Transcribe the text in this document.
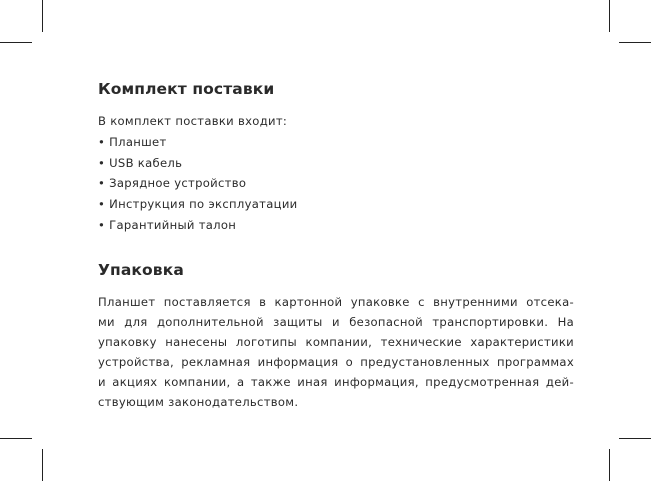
Комплект поставки
В комплект поставки входит:
• Планшет
• USB кабель
• Зарядное устройство
• Инструкция по эксплуатации
• Гарантийный талон
Упаковка
Планшет поставляется в картонной упаковке с внутренними отсека-
ми для дополнительной защиты и безопасной транспортировки. На
упаковку нанесены логотипы компании, технические характеристики
устройства, рекламная информация о предустановленных программах
и акциях компании, а также иная информация, предусмотренная дей-
ствующим законодательством.
